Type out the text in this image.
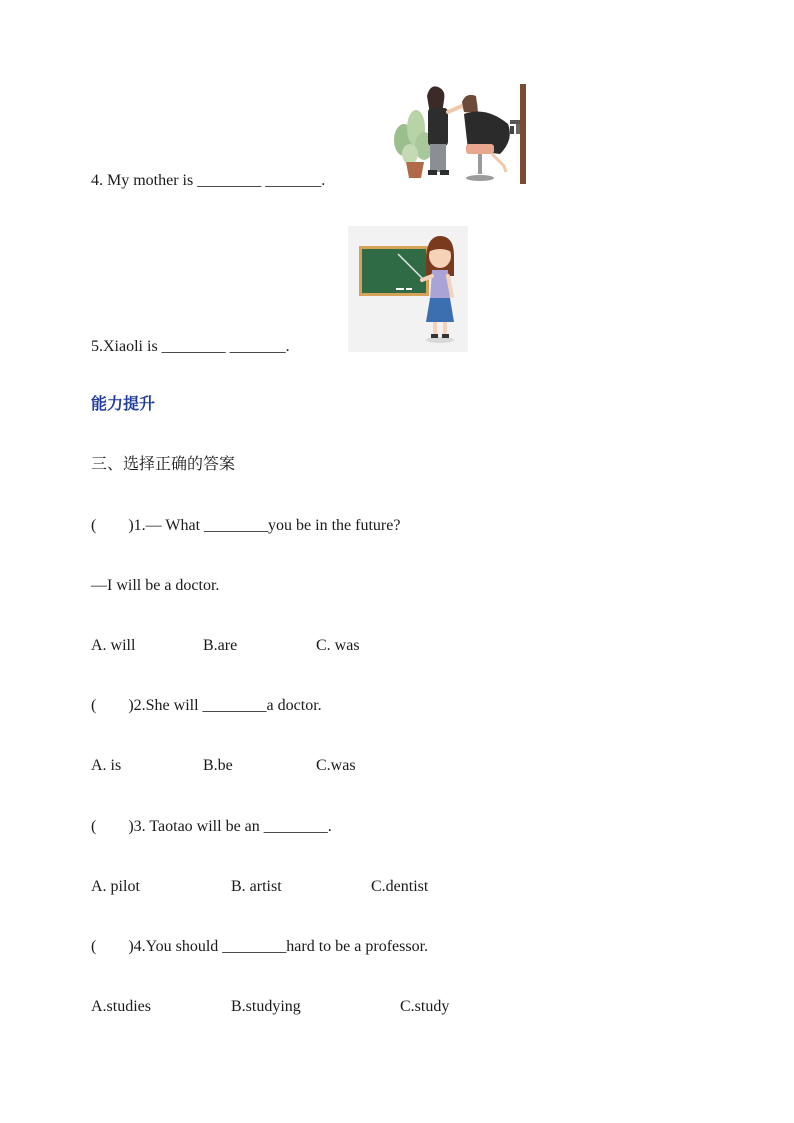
4. My mother is ________ _______.
5.Xiaoli is ________ _______.
能力提升
三、选择正确的答案
(        )1.— What ________you be in the future?
—I will be a doctor.
A. will	B.are	C. was
(        )2.She will ________a doctor.
A. is	B.be	C.was
(        )3. Taotao will be an ________.
A. pilot	B. artist	C.dentist
(        )4.You should ________hard to be a professor.
A.studies	B.studying	C.study
